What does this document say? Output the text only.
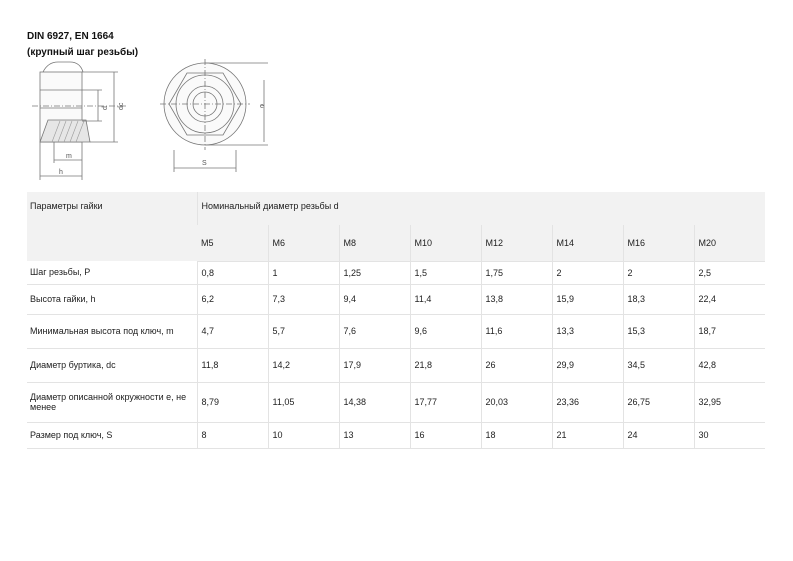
DIN 6927, EN 1664
(крупный шаг резьбы)
d dc
m
h
e
S
Параметры гайки	Номинальный диаметр резьбы d							
	M5	M6	M8	M10	M12	M14	M16	M20
Шаг резьбы, P	0,8	1	1,25	1,5	1,75	2	2	2,5
Высота гайки, h	6,2	7,3	9,4	11,4	13,8	15,9	18,3	22,4
Минимальная высота под ключ, m	4,7	5,7	7,6	9,6	11,6	13,3	15,3	18,7
Диаметр буртика, dc	11,8	14,2	17,9	21,8	26	29,9	34,5	42,8
Диаметр описанной окружности e, не менее	8,79	11,05	14,38	17,77	20,03	23,36	26,75	32,95
Размер под ключ, S	8	10	13	16	18	21	24	30
